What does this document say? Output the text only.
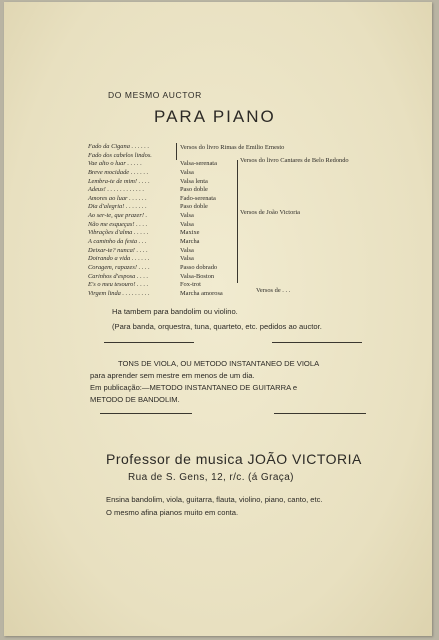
DO MESMO AUCTOR
PARA PIANO
Fado da Cigana . . . . . .
Fado dos cabelos lindos.
Vae alto o luar . . . . .	Valsa-serenata
Breve mocidade . . . . . .	Valsa
Lembra-te de mim! . . . .	Valsa lenta
Adeus! . . . . . . . . . . . .	Paso doble
Amores ao luar . . . . . .	Fado-serenata
Dia d'alegria! . . . . . . .	Paso doble
Ao ser-te, que prazer! .	Valsa
Não me esqueças! . . . .	Valsa
Vibrações d'alma . . . . .	Maxixe
A caminho da festa . . .	Marcha
Deixar-te? nunca! . . . .	Valsa
Doirando a vida . . . . . .	Valsa
Coragem, rapazes! . . . .	Passo dobrado
Carinhos d'esposa . . . .	Valsa-Boston
E's o meu tesouro! . . . .	Fox-trot
Virgem linda . . . . . . . . .	Marcha amorosa
Versos do livro Rimas de Emilio Ernesto
Versos do livro Cantares de Belo Redondo
Versos de João Victoria
Versos de . . .
Ha tambem para bandolim ou violino.
(Para banda, orquestra, tuna, quarteto, etc. pedidos ao auctor.
TONS DE VIOLA, OU METODO INSTANTANEO DE VIOLA
para aprender sem mestre em menos de um dia.
Em publicação:—METODO INSTANTANEO DE GUITARRA e
METODO DE BANDOLIM.
Professor de musica JOÃO VICTORIA
Rua de S. Gens, 12, r/c. (á Graça)
Ensina bandolim, viola, guitarra, flauta, violino, piano, canto, etc.
O mesmo afina pianos muito em conta.
